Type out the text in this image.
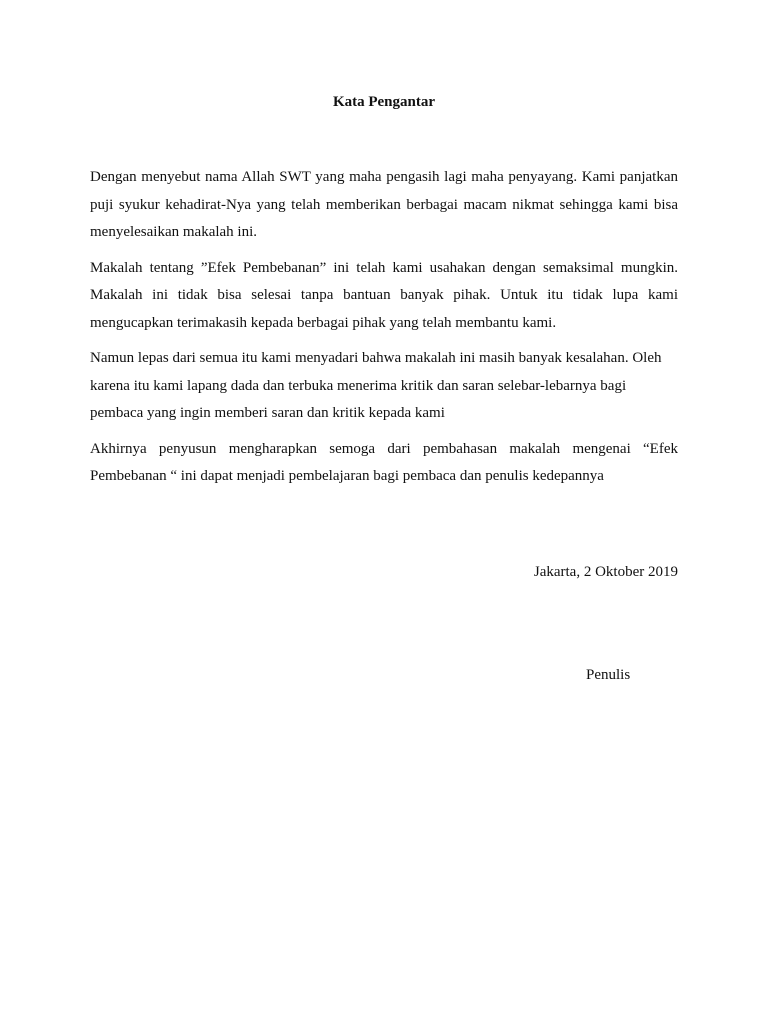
Kata Pengantar

Dengan menyebut nama Allah SWT yang maha pengasih lagi maha penyayang. Kami panjatkan puji syukur kehadirat-Nya yang telah memberikan berbagai macam nikmat sehingga kami bisa menyelesaikan makalah ini.

Makalah tentang ”Efek Pembebanan” ini telah kami usahakan dengan semaksimal mungkin. Makalah ini tidak bisa selesai tanpa bantuan banyak pihak. Untuk itu tidak lupa kami mengucapkan terimakasih kepada berbagai pihak yang telah membantu kami.

Namun lepas dari semua itu kami menyadari bahwa makalah ini masih banyak kesalahan. Oleh karena itu kami lapang dada dan terbuka menerima kritik dan saran selebar-lebarnya bagi pembaca yang ingin memberi saran dan kritik kepada kami

Akhirnya penyusun mengharapkan semoga dari pembahasan makalah mengenai “Efek Pembebanan “ ini dapat menjadi pembelajaran bagi pembaca dan penulis kedepannya

Jakarta, 2 Oktober 2019
Penulis
